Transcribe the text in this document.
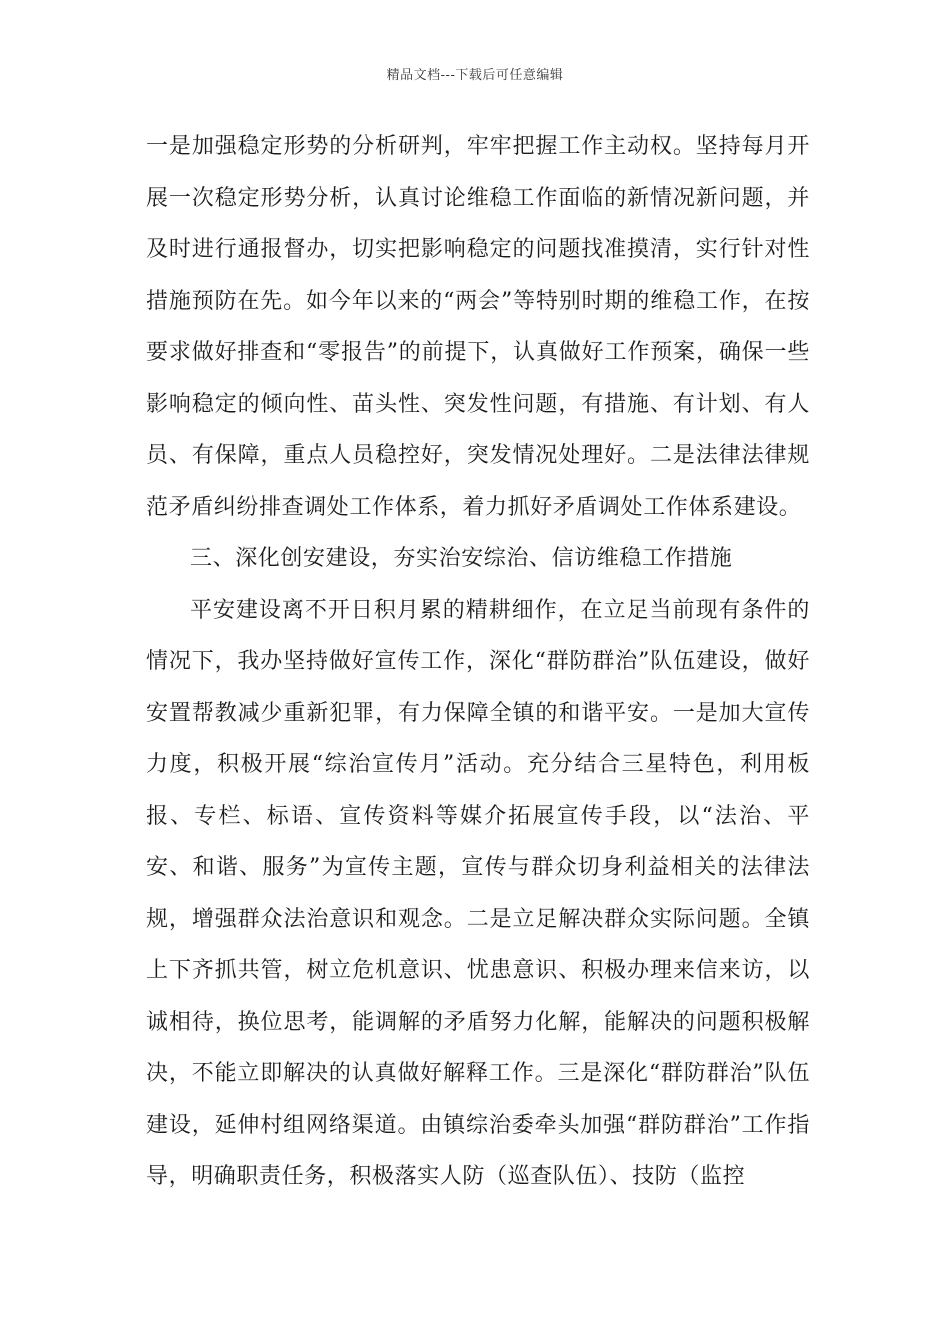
精品文档---下载后可任意编辑

一是加强稳定形势的分析研判，牢牢把握工作主动权。坚持每月开展一次稳定形势分析，认真讨论维稳工作面临的新情况新问题，并及时进行通报督办，切实把影响稳定的问题找准摸清，实行针对性措施预防在先。如今年以来的“两会”等特别时期的维稳工作，在按要求做好排查和“零报告”的前提下，认真做好工作预案，确保一些影响稳定的倾向性、苗头性、突发性问题，有措施、有计划、有人员、有保障，重点人员稳控好，突发情况处理好。二是法律法律规范矛盾纠纷排查调处工作体系，着力抓好矛盾调处工作体系建设。

三、深化创安建设，夯实治安综治、信访维稳工作措施

平安建设离不开日积月累的精耕细作，在立足当前现有条件的情况下，我办坚持做好宣传工作，深化“群防群治”队伍建设，做好安置帮教减少重新犯罪，有力保障全镇的和谐平安。一是加大宣传力度，积极开展“综治宣传月”活动。充分结合三星特色，利用板报、专栏、标语、宣传资料等媒介拓展宣传手段，以“法治、平安、和谐、服务”为宣传主题，宣传与群众切身利益相关的法律法规，增强群众法治意识和观念。二是立足解决群众实际问题。全镇上下齐抓共管，树立危机意识、忧患意识、积极办理来信来访，以诚相待，换位思考，能调解的矛盾努力化解，能解决的问题积极解决，不能立即解决的认真做好解释工作。三是深化“群防群治”队伍建设，延伸村组网络渠道。由镇综治委牵头加强“群防群治”工作指导，明确职责任务，积极落实人防（巡查队伍）、技防（监控
